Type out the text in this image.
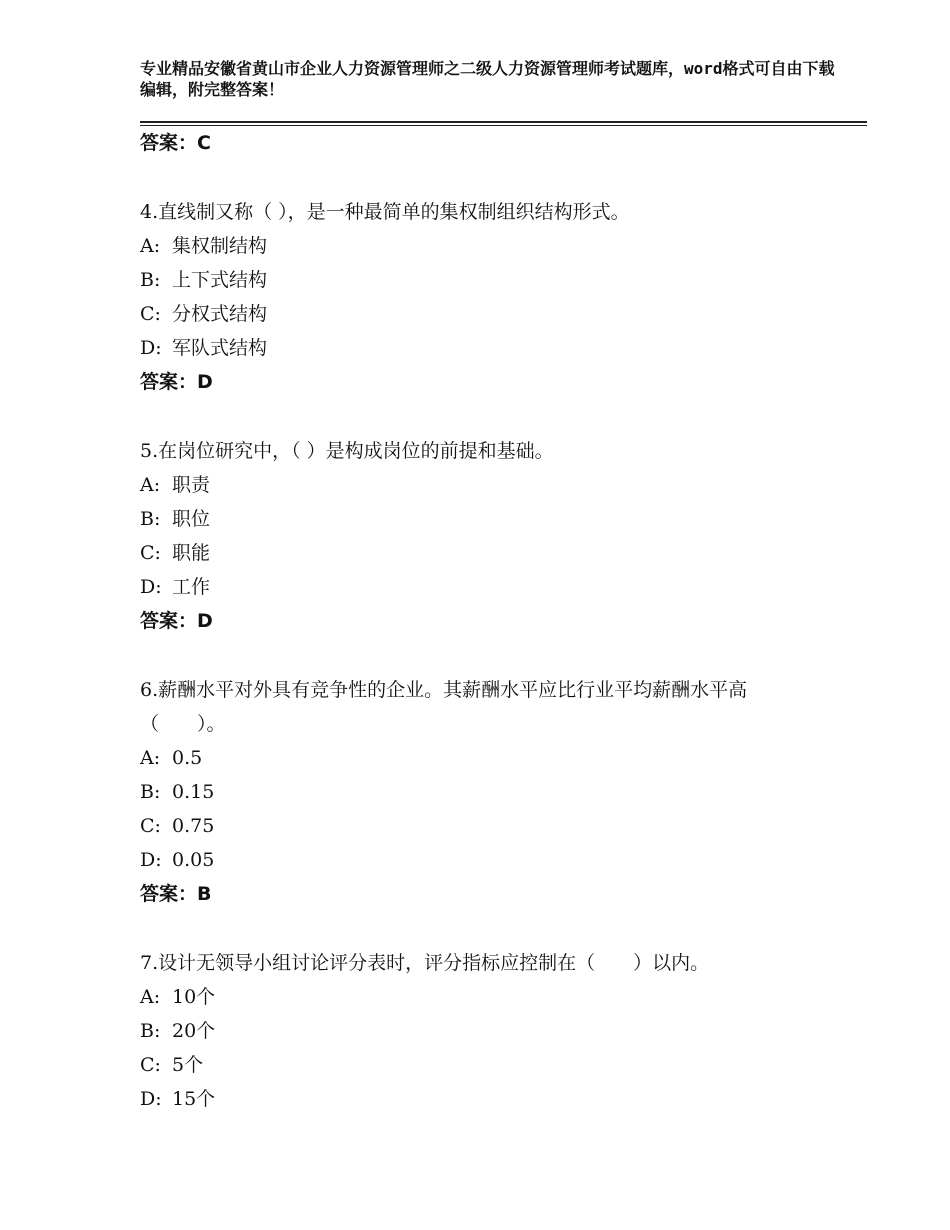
专业精品安徽省黄山市企业人力资源管理师之二级人力资源管理师考试题库，word格式可自由下载编辑，附完整答案！
答案：C
4.直线制又称（ ），是一种最简单的集权制组织结构形式。
A: 集权制结构
B: 上下式结构
C: 分权式结构
D: 军队式结构
答案：D
5.在岗位研究中，（ ）是构成岗位的前提和基础。
A: 职责
B: 职位
C: 职能
D: 工作
答案：D
6.薪酬水平对外具有竞争性的企业。其薪酬水平应比行业平均薪酬水平高（　　）。
A: 0.5
B: 0.15
C: 0.75
D: 0.05
答案：B
7.设计无领导小组讨论评分表时，评分指标应控制在（　　）以内。
A: 10个
B: 20个
C: 5个
D: 15个
